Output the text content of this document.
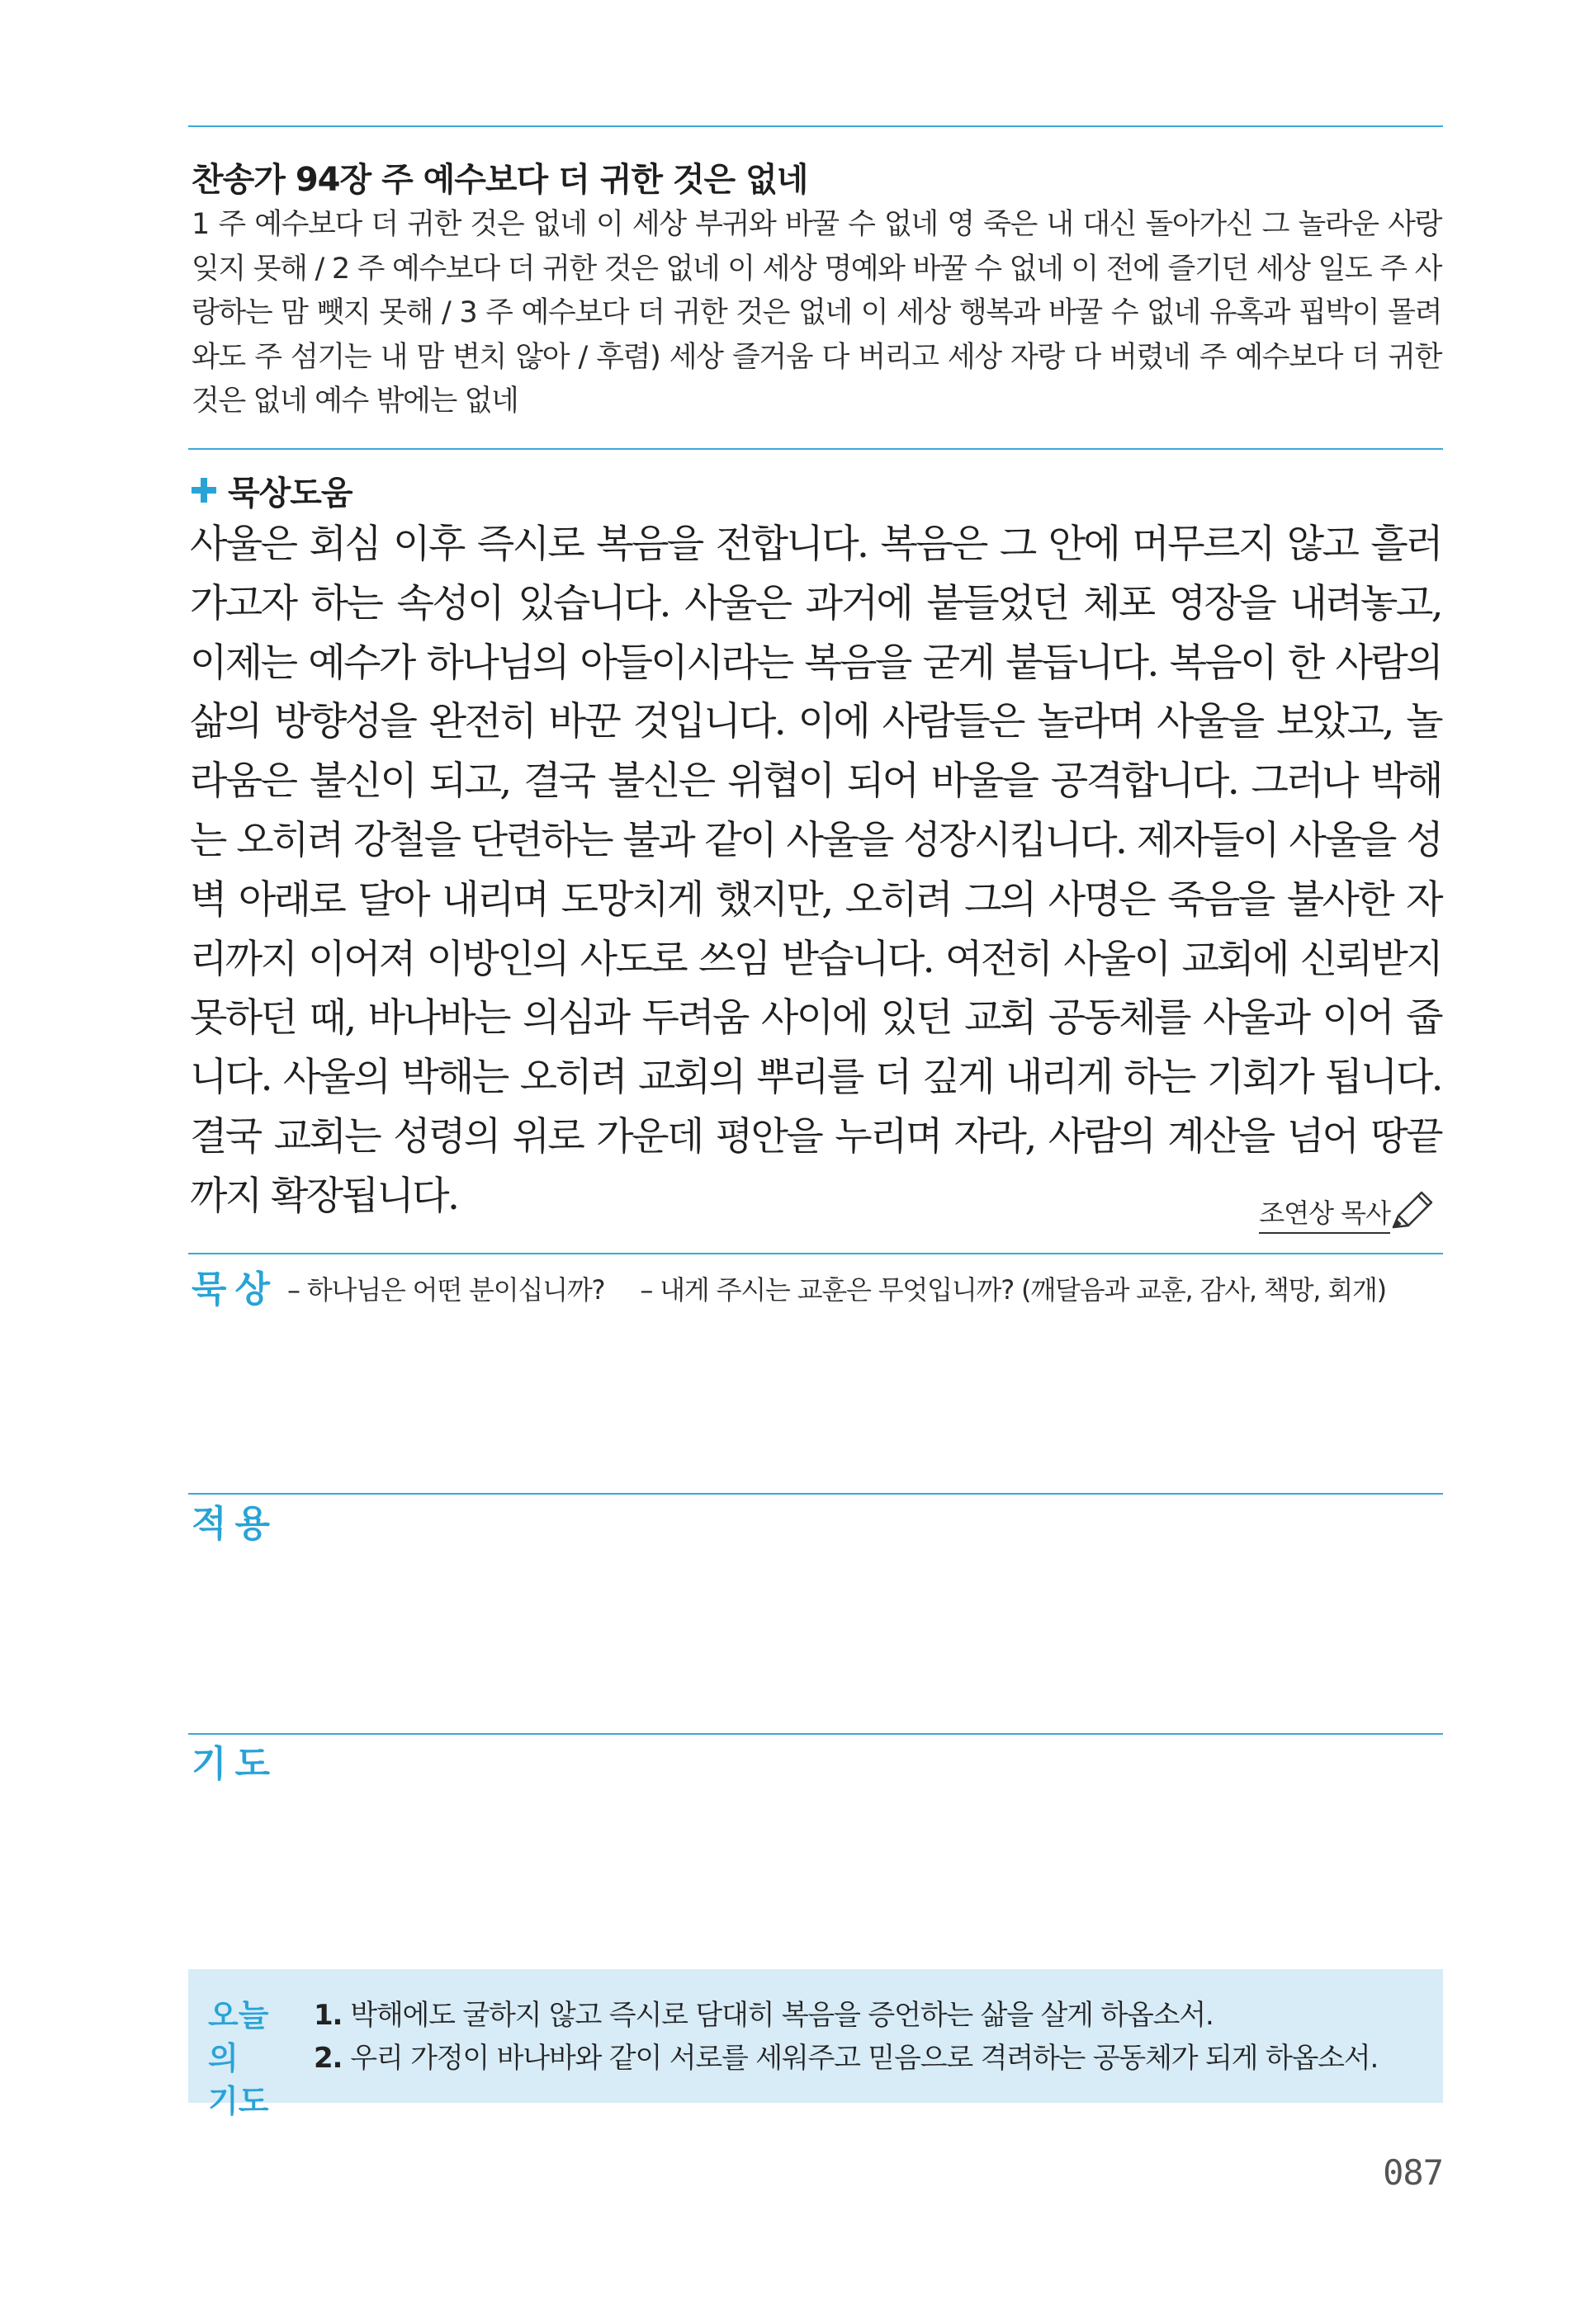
찬송가 94장 주 예수보다 더 귀한 것은 없네
1 주 예수보다 더 귀한 것은 없네 이 세상 부귀와 바꿀 수 없네 영 죽은 내 대신 돌아가신 그 놀라운 사랑 잊지 못해 / 2 주 예수보다 더 귀한 것은 없네 이 세상 명예와 바꿀 수 없네 이 전에 즐기던 세상 일도 주 사랑하는 맘 뺏지 못해 / 3 주 예수보다 더 귀한 것은 없네 이 세상 행복과 바꿀 수 없네 유혹과 핍박이 몰려 와도 주 섬기는 내 맘 변치 않아 / 후렴) 세상 즐거움 다 버리고 세상 자랑 다 버렸네 주 예수보다 더 귀한 것은 없네 예수 밖에는 없네
묵상도움
사울은 회심 이후 즉시로 복음을 전합니다. 복음은 그 안에 머무르지 않고 흘러가고자 하는 속성이 있습니다. 사울은 과거에 붙들었던 체포 영장을 내려놓고, 이제는 예수가 하나님의 아들이시라는 복음을 굳게 붙듭니다. 복음이 한 사람의 삶의 방향성을 완전히 바꾼 것입니다. 이에 사람들은 놀라며 사울을 보았고, 놀라움은 불신이 되고, 결국 불신은 위협이 되어 바울을 공격합니다. 그러나 박해는 오히려 강철을 단련하는 불과 같이 사울을 성장시킵니다. 제자들이 사울을 성벽 아래로 달아 내리며 도망치게 했지만, 오히려 그의 사명은 죽음을 불사한 자리까지 이어져 이방인의 사도로 쓰임 받습니다. 여전히 사울이 교회에 신뢰받지 못하던 때, 바나바는 의심과 두려움 사이에 있던 교회 공동체를 사울과 이어 줍니다. 사울의 박해는 오히려 교회의 뿌리를 더 깊게 내리게 하는 기회가 됩니다. 결국 교회는 성령의 위로 가운데 평안을 누리며 자라, 사람의 계산을 넘어 땅끝까지 확장됩니다.	조연상 목사
묵상 – 하나님은 어떤 분이십니까? – 내게 주시는 교훈은 무엇입니까? (깨달음과 교훈, 감사, 책망, 회개)
적용
기도
오늘의
기도
1. 박해에도 굴하지 않고 즉시로 담대히 복음을 증언하는 삶을 살게 하옵소서.
2. 우리 가정이 바나바와 같이 서로를 세워주고 믿음으로 격려하는 공동체가 되게 하옵소서.
087
